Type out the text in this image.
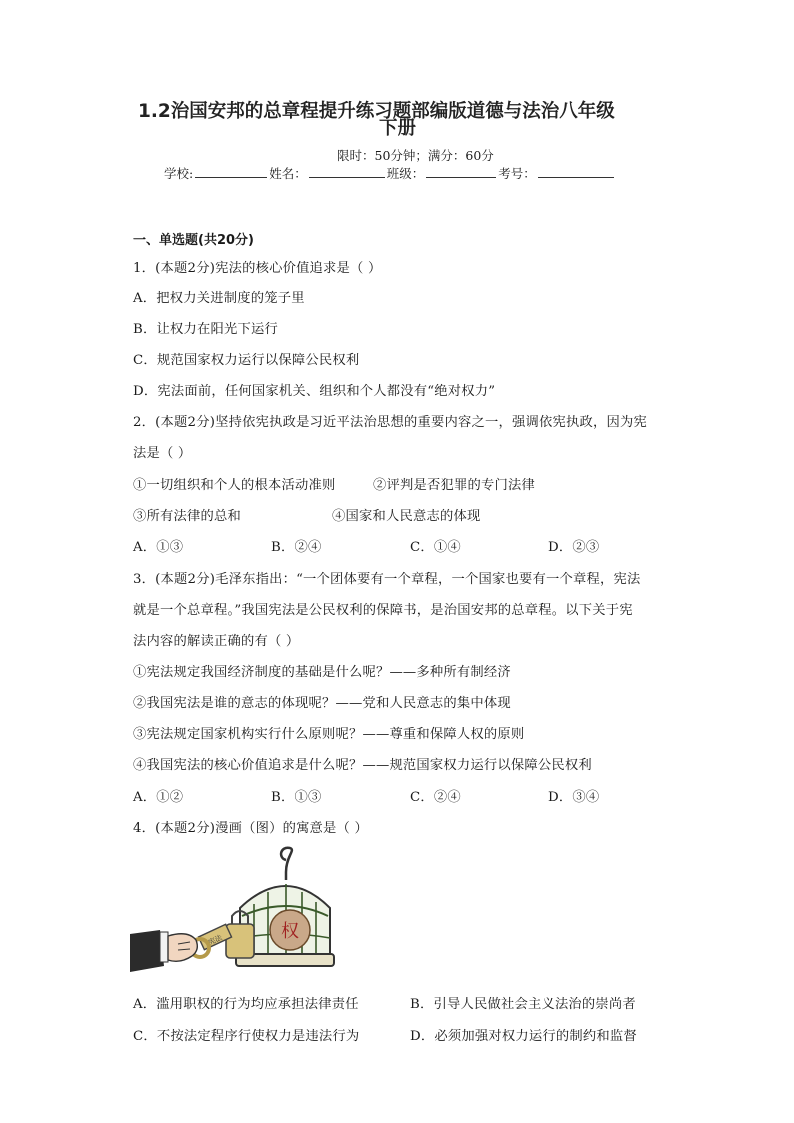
1.2治国安邦的总章程提升练习题部编版道德与法治八年级
下册
限时：50分钟；满分：60分
学校:	姓名：	班级：	考号：
一、单选题(共20分)
1．(本题2分)宪法的核心价值追求是（ ）
A．把权力关进制度的笼子里
B．让权力在阳光下运行
C．规范国家权力运行以保障公民权利
D．宪法面前，任何国家机关、组织和个人都没有“绝对权力”
2．(本题2分)坚持依宪执政是习近平法治思想的重要内容之一，强调依宪执政，因为宪
法是（ ）
①一切组织和个人的根本活动准则	②评判是否犯罪的专门法律
③所有法律的总和	④国家和人民意志的体现
A．①③	B．②④	C．①④	D．②③
3．(本题2分)毛泽东指出：“一个团体要有一个章程，一个国家也要有一个章程，宪法
就是一个总章程。”我国宪法是公民权利的保障书，是治国安邦的总章程。以下关于宪
法内容的解读正确的有（ ）
①宪法规定我国经济制度的基础是什么呢？——多种所有制经济
②我国宪法是谁的意志的体现呢？——党和人民意志的集中体现
③宪法规定国家机构实行什么原则呢？——尊重和保障人权的原则
④我国宪法的核心价值追求是什么呢？——规范国家权力运行以保障公民权利
A．①②	B．①③	C．②④	D．③④
4．(本题2分)漫画（图）的寓意是（ ）
权
宪法
A．滥用职权的行为均应承担法律责任	B．引导人民做社会主义法治的崇尚者
C．不按法定程序行使权力是违法行为	D．必须加强对权力运行的制约和监督
